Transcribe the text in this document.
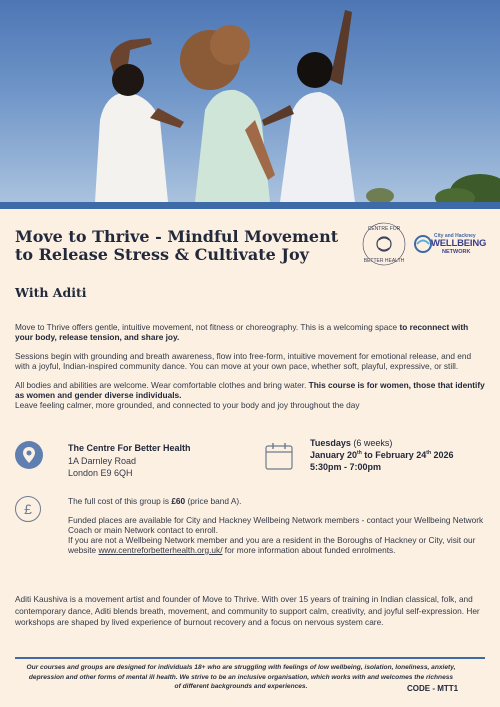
Move to Thrive - Mindful Movement to Release Stress & Cultivate Joy
CENTRE FOR
BETTER HEALTH
City and Hackney
WELLBEING
NETWORK
With Aditi

Move to Thrive offers gentle, intuitive movement, not fitness or choreography. This is a welcoming space to reconnect with your body, release tension, and share joy.

Sessions begin with grounding and breath awareness, flow into free-form, intuitive movement for emotional release, and end with a joyful, Indian-inspired community dance. You can move at your own pace, whether soft, playful, expressive, or still.

All bodies and abilities are welcome. Wear comfortable clothes and bring water. This course is for women, those that identify as women and gender diverse individuals.
Leave feeling calmer, more grounded, and connected to your body and joy throughout the day

The Centre For Better Health
1A Darnley Road
London E9 6QH
Tuesdays (6 weeks)
January 20th to February 24th 2026
5:30pm - 7:00pm
£	The full cost of this group is £60 (price band A).

Funded places are available for City and Hackney Wellbeing Network members - contact your Wellbeing Network Coach or main Network contact to enroll.
If you are not a Wellbeing Network member and you are a resident in the Boroughs of Hackney or City, visit our website www.centreforbetterhealth.org.uk/ for more information about funded enrolments.

Aditi Kaushiva is a movement artist and founder of Move to Thrive. With over 15 years of training in Indian classical, folk, and contemporary dance, Aditi blends breath, movement, and community to support calm, creativity, and joyful self-expression. Her workshops are shaped by lived experience of burnout recovery and a focus on nervous system care.
Our courses and groups are designed for individuals 18+ who are struggling with feelings of low wellbeing, isolation, loneliness, anxiety, depression and other forms of mental ill health. We strive to be an inclusive organisation, which works with and welcomes the richness of different backgrounds and experiences.	CODE - MTT1
